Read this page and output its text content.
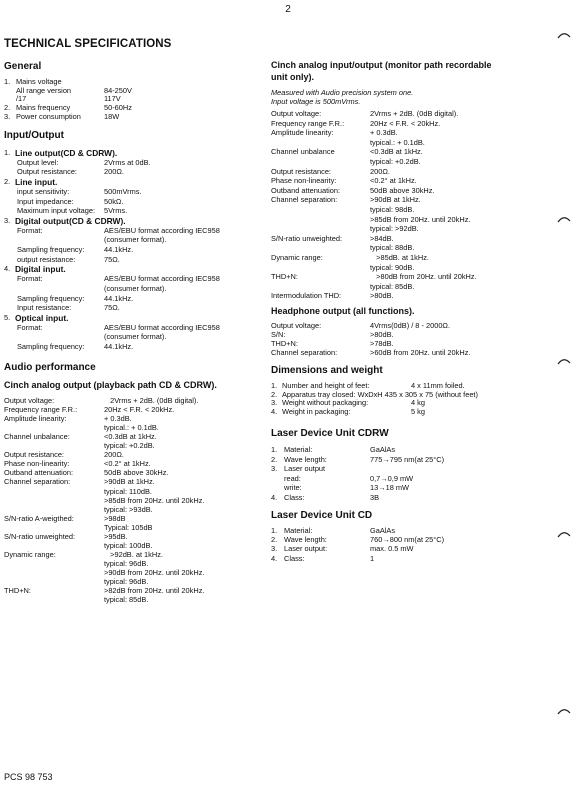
2
TECHNICAL SPECIFICATIONS
General
1. Mains voltage
All range version	84-250V
/17	117V
2. Mains frequency	50-60Hz
3. Power consumption	18W
Input/Output
1. Line output(CD & CDRW).
Output level:	2Vrms at 0dB.
Output resistance:	200Ω.
2. Line input.
input sensitivity:	500mVrms.
Input impedance:	50kΩ.
Maximum input voltage: 5Vrms.
3. Digital output(CD & CDRW).
Format:	AES/EBU format according IEC958
(consumer format).
Sampling frequency:	44.1kHz.
output resistance:	75Ω.
4. Digital input.
Format:	AES/EBU format according IEC958
(consumer format).
Sampling frequency:	44.1kHz.
Input resistance:	75Ω.
5. Optical input.
Format:	AES/EBU format according IEC958
(consumer format).
Sampling frequency:	44.1kHz.
Audio performance
Cinch analog output (playback path CD & CDRW).
Output voltage:	2Vrms + 2dB. (0dB digital).
Frequency range F.R.:	20Hz < F.R. < 20kHz.
Amplitude linearity:	+ 0.3dB.
typical.: + 0.1dB.
Channel unbalance:	<0.3dB at 1kHz.
typical: +0.2dB.
Output resistance:	200Ω.
Phase non-linearity:	<0.2° at 1kHz.
Outband attenuation:	50dB above 30kHz.
Channel separation:	>90dB at 1kHz.
typical: 110dB.
>85dB from 20Hz. until 20kHz.
typical: >93dB.
S/N-ratio A-weigthed:	>98dB
Typical: 105dB
S/N-ratio unweighted:	>95dB.
typical: 100dB.
Dynamic range:	>92dB. at 1kHz.
typical: 96dB.
>90dB from 20Hz. until 20kHz.
typical: 96dB.
THD+N:	>82dB from 20Hz. until 20kHz.
typical: 85dB.
Cinch analog input/output (monitor path recordable
unit only).
Measured with Audio precision system one.
Input voltage is 500mVrms.
Output voltage:	2Vrms + 2dB. (0dB digital).
Frequency range F.R.:	20Hz < F.R. < 20kHz.
Amplitude linearity:	+ 0.3dB.
typical.: + 0.1dB.
Channel unbalance	<0.3dB at 1kHz.
typical: +0.2dB.
Output resistance:	200Ω.
Phase non-linearity:	<0.2° at 1kHz.
Outband attenuation:	50dB above 30kHz.
Channel separation:	>90dB at 1kHz.
typical: 98dB.
>85dB from 20Hz. until 20kHz.
typical: >92dB.
S/N-ratio unweighted:	>84dB.
typical: 88dB.
Dynamic range:	>85dB. at 1kHz.
typical: 90dB.
THD+N:	>80dB from 20Hz. until 20kHz.
typical: 85dB.
Intermodulation THD:	>80dB.
Headphone output (all functions).
Output voltage:	4Vrms(0dB) / 8 - 2000Ω.
S/N:	>80dB.
THD+N:	>78dB.
Channel separation:	>60dB from 20Hz. until 20kHz.
Dimensions and weight
1. Number and height of feet:	4 x 11mm foiled.
2. Apparatus tray closed: WxDxH 435 x 305 x 75 (without feet)
3. Weight without packaging:	4 kg
4. Weight in packaging:	5 kg
Laser Device Unit CDRW
1. Material:	GaAlAs
2. Wave length:	775→795 nm(at 25°C)
3. Laser output
read:	0,7→0,9 mW
write:	13→18 mW
4. Class:	3B
Laser Device Unit CD
1. Material:	GaAlAs
2. Wave length:	760→800 nm(at 25°C)
3. Laser output:	max. 0.5 mW
4. Class:	1
PCS 98 753
